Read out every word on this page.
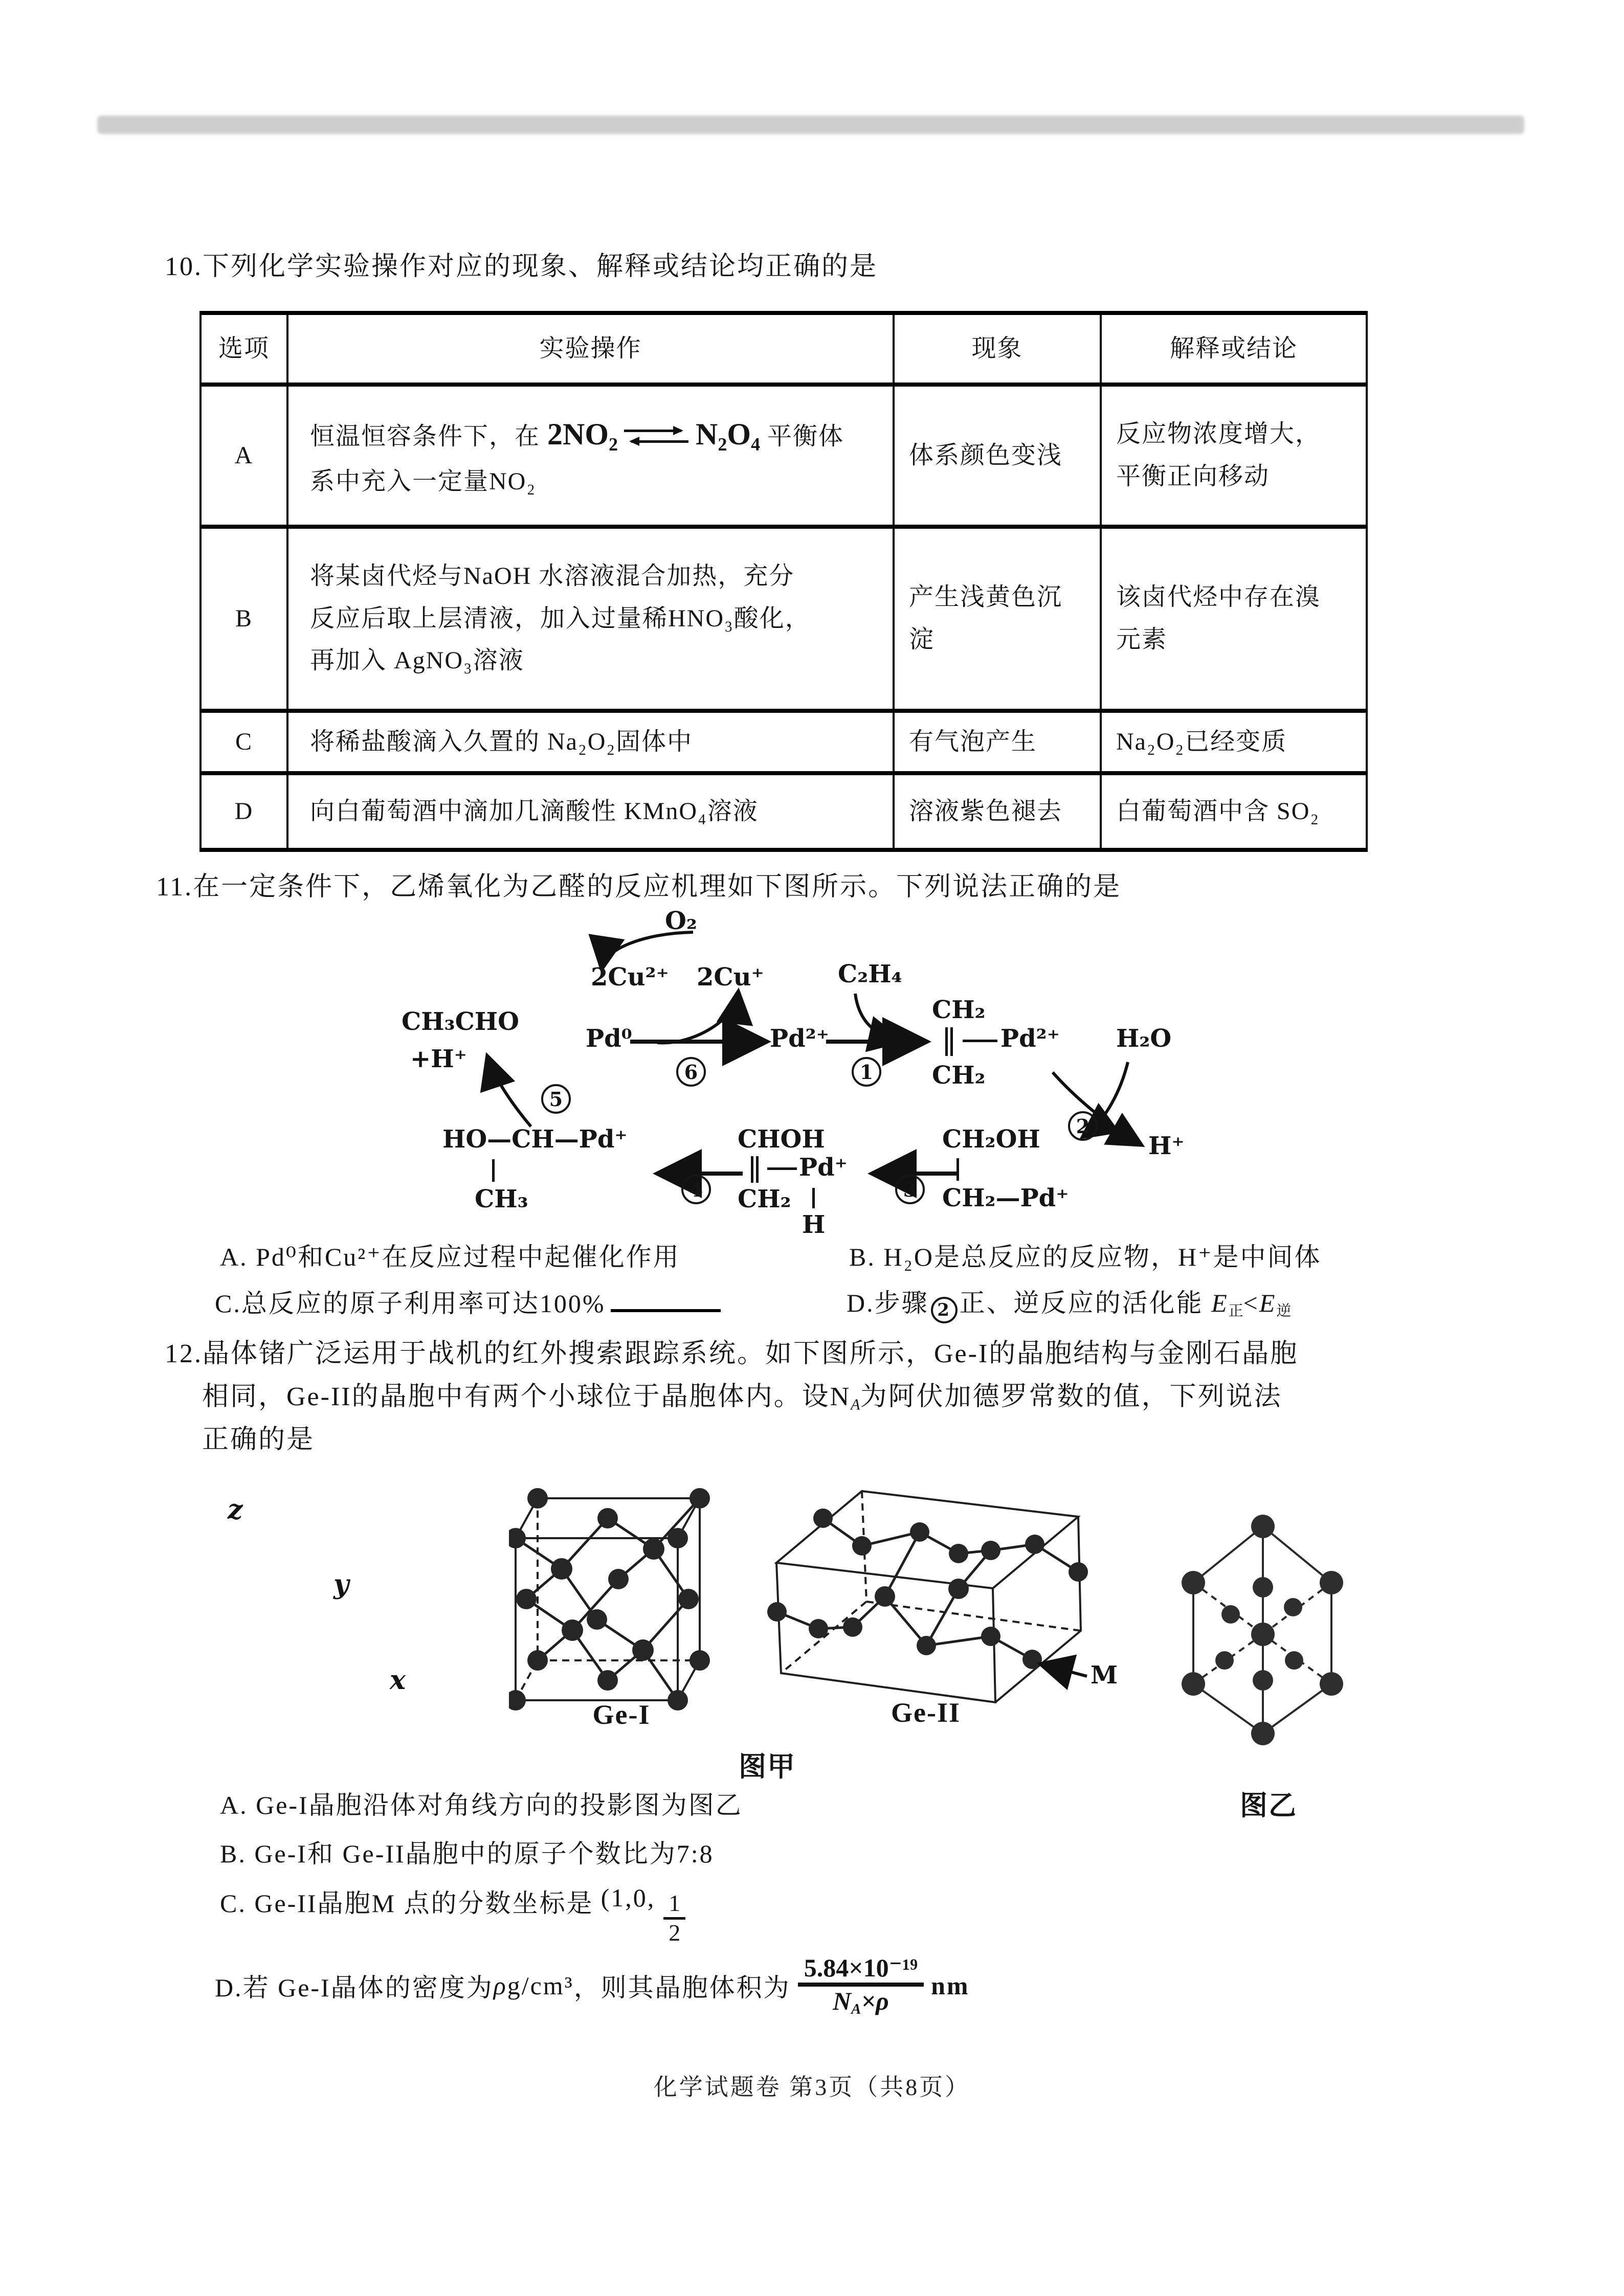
10.下列化学实验操作对应的现象、解释或结论均正确的是
选项	实验操作	现象	解释或结论
A	恒温恒容条件下，在 2NO₂ ⇌ N₂O₄ 平衡体
系中充入一定量NO₂	体系颜色变浅	反应物浓度增大，
平衡正向移动
B	将某卤代烃与NaOH 水溶液混合加热，充分
反应后取上层清液，加入过量稀HNO₃酸化，
再加入 AgNO₃溶液	产生浅黄色沉
淀	该卤代烃中存在溴
元素
C	将稀盐酸滴入久置的 Na₂O₂固体中	有气泡产生	Na₂O₂已经变质
D	向白葡萄酒中滴加几滴酸性 KMnO₄溶液	溶液紫色褪去	白葡萄酒中含 SO₂
11.在一定条件下，乙烯氧化为乙醛的反应机理如下图所示。下列说法正确的是
O₂
2Cu²⁺ 2Cu⁺
CH₃CHO
+H⁺
Pd⁰	Pd²⁺
C₂H₄
CH₂
Pd²⁺
CH₂
H₂O
H⁺
HO—CH—Pd⁺
CH₃
CHOH
Pd⁺
CH₂
H
CH₂OH
CH₂—Pd⁺
6	1
2
3
4
5
A. Pd⁰和Cu²⁺在反应过程中起催化作用	B. H₂O是总反应的反应物，H⁺是中间体
C.总反应的原子利用率可达100%	D.步骤 2 正、逆反应的活化能 $E_正<E_逆$
12.晶体锗广泛运用于战机的红外搜索跟踪系统。如下图所示，Ge-I的晶胞结构与金刚石晶胞
相同，Ge-II的晶胞中有两个小球位于晶胞体内。设$N_A$为阿伏加德罗常数的值，下列说法
正确的是
z
y
x
Ge-I
M
Ge-II
图甲
图乙
A. Ge-I晶胞沿体对角线方向的投影图为图乙
B. Ge-I和 Ge-II晶胞中的原子个数比为7:8
C. Ge-II晶胞M 点的分数坐标是 (1,0, $\frac{1}{2}$
D.若 Ge-I晶体的密度为 ρ g/cm³ ，则其晶胞体积为 $\frac{\text{5.84×10⁻¹⁹}}{N_A\times\rho}$ nm
化学试题卷 第3页（共8页）
